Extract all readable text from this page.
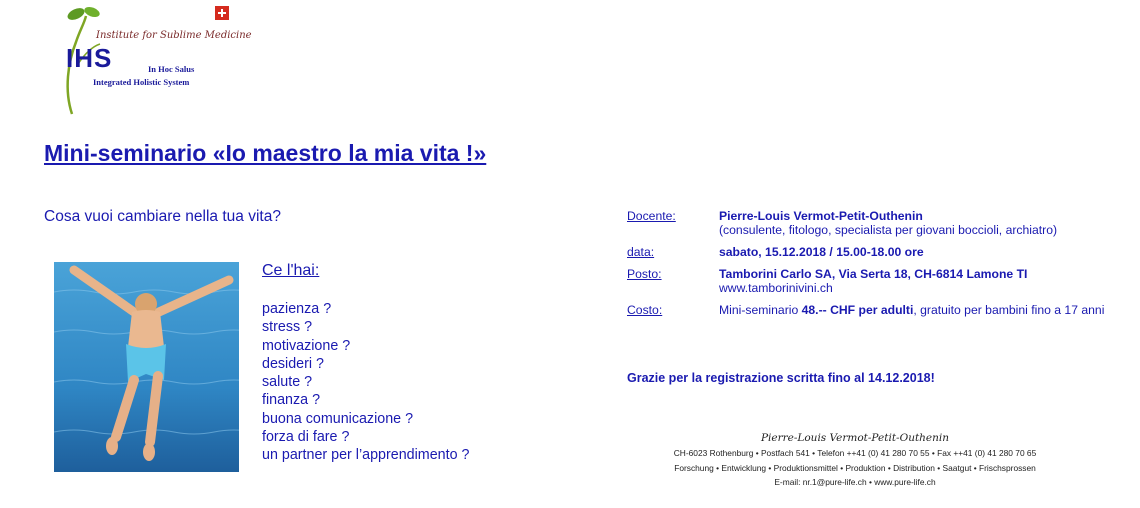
Institute for Sublime Medicine
IHS	In Hoc Salus
Integrated Holistic System
Mini-seminario «Io maestro la mia vita !»
Cosa vuoi cambiare nella tua vita?
Ce l'hai:
pazienza ?
stress ?
motivazione ?
desideri ?
salute ?
finanza ?
buona comunicazione ?
forza di fare ?
un partner per l’apprendimento ?
Docente:	Pierre-Louis Vermot-Petit-Outhenin
(consulente, fitologo, specialista per giovani boccioli, archiatro)

data:	sabato, 15.12.2018 / 15.00-18.00 ore

Posto:	Tamborini Carlo SA, Via Serta 18, CH-6814 Lamone TI
www.tamborinivini.ch

Costo:	Mini-seminario 48.-- CHF per adulti, gratuito per bambini fino a 17 anni
Grazie per la registrazione scritta fino al 14.12.2018!
Pierre-Louis Vermot-Petit-Outhenin
CH-6023 Rothenburg • Postfach 541 • Telefon ++41 (0) 41 280 70 55 • Fax ++41 (0) 41 280 70 65
Forschung • Entwicklung • Produktionsmittel • Produktion • Distribution • Saatgut • Frischsprossen
E-mail: nr.1@pure-life.ch • www.pure-life.ch
